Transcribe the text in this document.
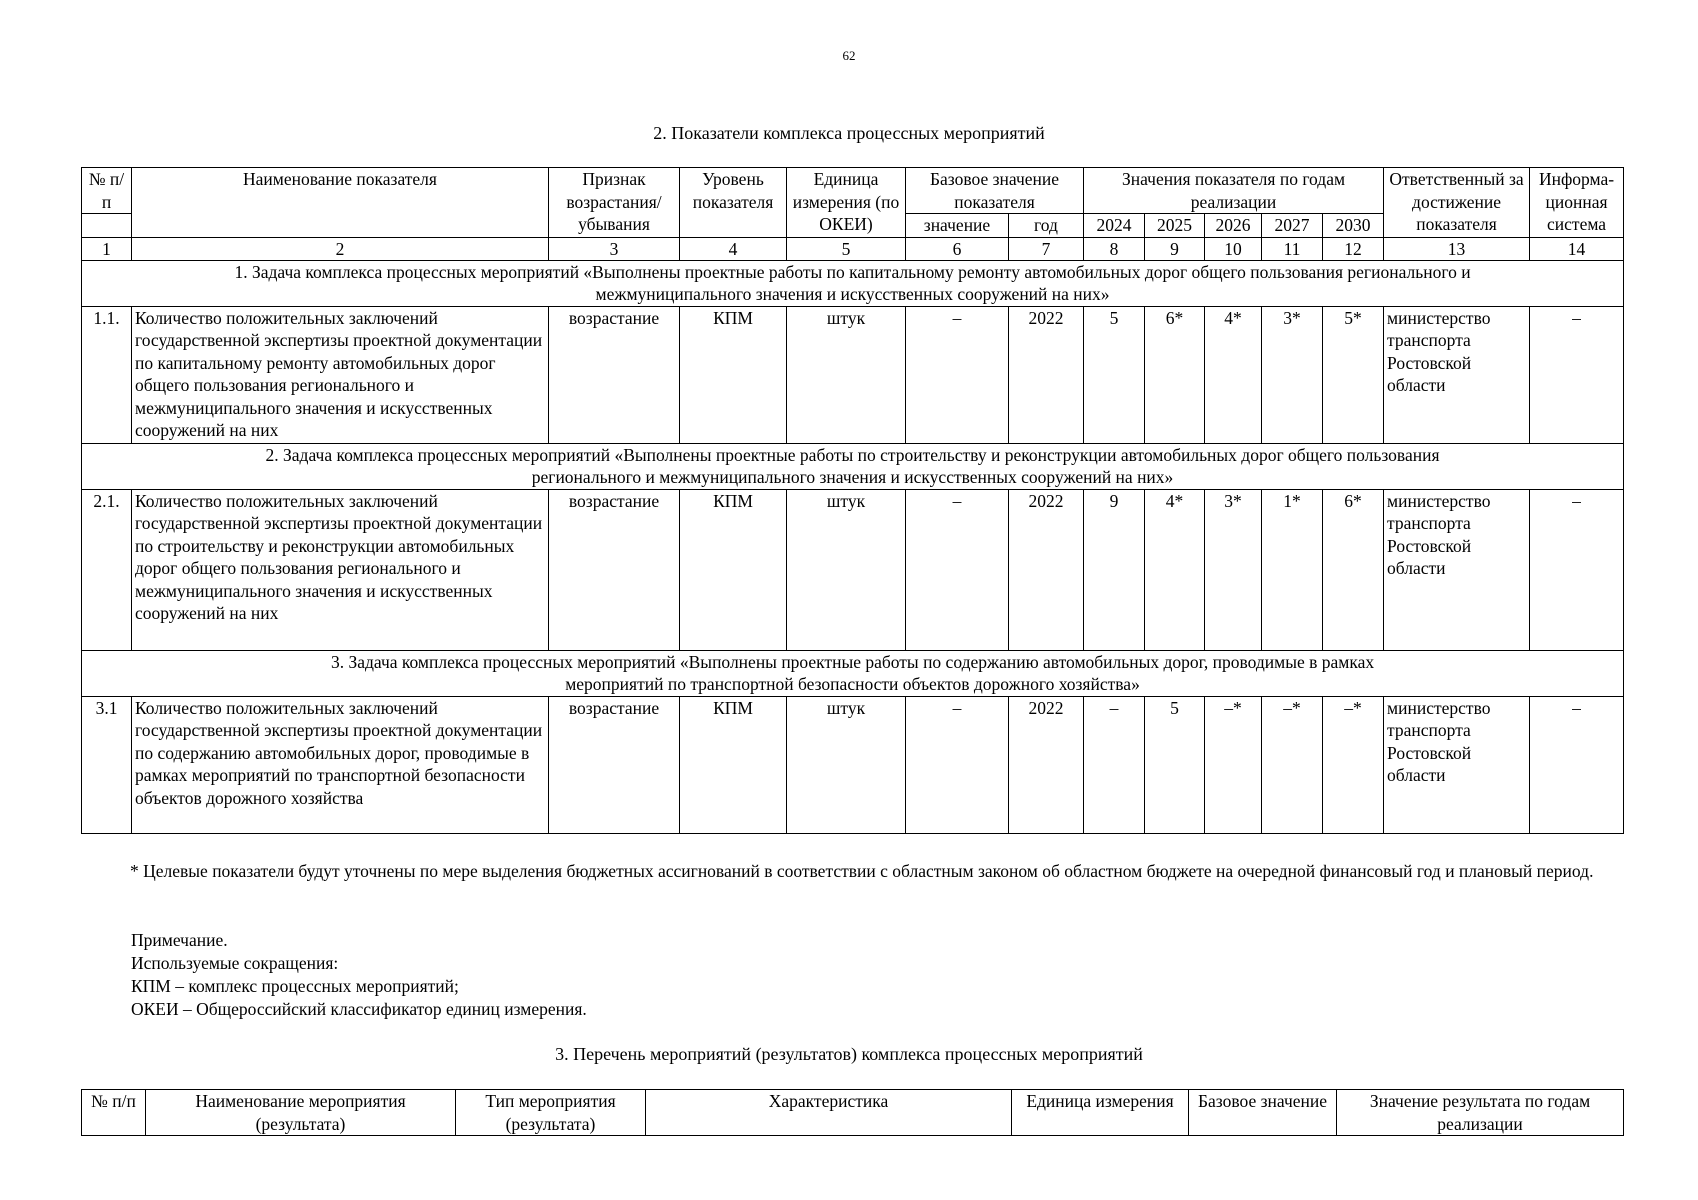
62
2. Показатели комплекса процессных мероприятий
№ п/п	Наименование показателя	Признак возрастания/ убывания	Уровень показателя	Единица измерения (по ОКЕИ)	Базовое значение показателя		Значения показателя по годам реализации					Ответственный за достижение показателя	Информа-ционная система

					значение	год	2024	2025	2026	2027	2030		
1	2	3	4	5	6	7	8	9	10	11	12	13	14
1. Задача комплекса процессных мероприятий «Выполнены проектные работы по капитальному ремонту автомобильных дорог общего пользования регионального и межмуниципального значения и искусственных сооружений на них»													
1.1.	Количество положительных заключений государственной экспертизы проектной документации по капитальному ремонту автомобильных дорог общего пользования регионального и межмуниципального значения и искусственных сооружений на них	возрастание	КПМ	штук	–	2022	5	6*	4*	3*	5*	министерство транспорта Ростовской области	–
2. Задача комплекса процессных мероприятий «Выполнены проектные работы по строительству и реконструкции автомобильных дорог общего пользования регионального и межмуниципального значения и искусственных сооружений на них»													
2.1.	Количество положительных заключений государственной экспертизы проектной документации по строительству и реконструкции автомобильных дорог общего пользования регионального и межмуниципального значения и искусственных сооружений на них	возрастание	КПМ	штук	–	2022	9	4*	3*	1*	6*	министерство транспорта Ростовской области	–
3. Задача комплекса процессных мероприятий «Выполнены проектные работы по содержанию автомобильных дорог, проводимые в рамках мероприятий по транспортной безопасности объектов дорожного хозяйства»													
3.1	Количество положительных заключений государственной экспертизы проектной документации по содержанию автомобильных дорог, проводимые в рамках мероприятий по транспортной безопасности объектов дорожного хозяйства	возрастание	КПМ	штук	–	2022	–	5	–*	–*	–*	министерство транспорта Ростовской области	–
* Целевые показатели будут уточнены по мере выделения бюджетных ассигнований в соответствии с областным законом об областном бюджете на очередной финансовый год и плановый период.
Примечание.
Используемые сокращения:
КПМ – комплекс процессных мероприятий;
ОКЕИ – Общероссийский классификатор единиц измерения.
3. Перечень мероприятий (результатов) комплекса процессных мероприятий
№ п/п	Наименование мероприятия (результата)	Тип мероприятия (результата)	Характеристика	Единица измерения	Базовое значение	Значение результата по годам реализации
